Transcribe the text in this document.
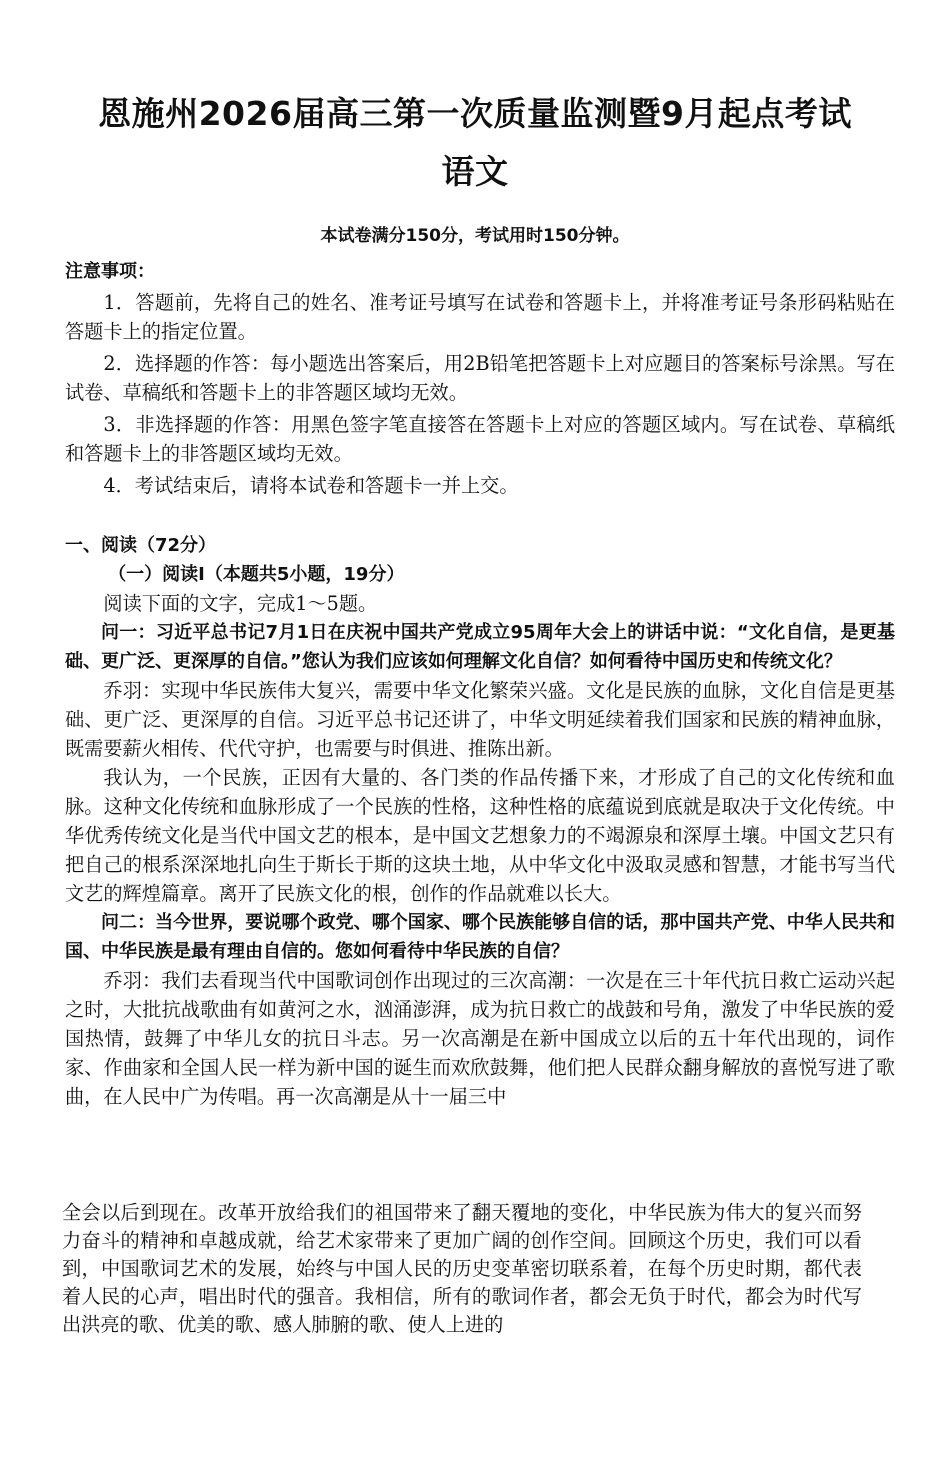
恩施州2026届高三第一次质量监测暨9月起点考试
语文
本试卷满分150分，考试用时150分钟。

注意事项：

1．答题前，先将自己的姓名、准考证号填写在试卷和答题卡上，并将准考证号条形码粘贴在答题卡上的指定位置。

2．选择题的作答：每小题选出答案后，用2B铅笔把答题卡上对应题目的答案标号涂黑。写在试卷、草稿纸和答题卡上的非答题区域均无效。

3．非选择题的作答：用黑色签字笔直接答在答题卡上对应的答题区域内。写在试卷、草稿纸和答题卡上的非答题区域均无效。

4．考试结束后，请将本试卷和答题卡一并上交。

一、阅读（72分）

（一）阅读I（本题共5小题，19分）

阅读下面的文字，完成1～5题。

问一：习近平总书记7月1日在庆祝中国共产党成立95周年大会上的讲话中说：“文化自信，是更基础、更广泛、更深厚的自信。”您认为我们应该如何理解文化自信？如何看待中国历史和传统文化？

乔羽：实现中华民族伟大复兴，需要中华文化繁荣兴盛。文化是民族的血脉，文化自信是更基础、更广泛、更深厚的自信。习近平总书记还讲了，中华文明延续着我们国家和民族的精神血脉，既需要薪火相传、代代守护，也需要与时俱进、推陈出新。

我认为，一个民族，正因有大量的、各门类的作品传播下来，才形成了自己的文化传统和血脉。这种文化传统和血脉形成了一个民族的性格，这种性格的底蕴说到底就是取决于文化传统。中华优秀传统文化是当代中国文艺的根本，是中国文艺想象力的不竭源泉和深厚土壤。中国文艺只有把自己的根系深深地扎向生于斯长于斯的这块土地，从中华文化中汲取灵感和智慧，才能书写当代文艺的辉煌篇章。离开了民族文化的根，创作的作品就难以长大。

问二：当今世界，要说哪个政党、哪个国家、哪个民族能够自信的话，那中国共产党、中华人民共和国、中华民族是最有理由自信的。您如何看待中华民族的自信？

乔羽：我们去看现当代中国歌词创作出现过的三次高潮：一次是在三十年代抗日救亡运动兴起之时，大批抗战歌曲有如黄河之水，汹涌澎湃，成为抗日救亡的战鼓和号角，激发了中华民族的爱国热情，鼓舞了中华儿女的抗日斗志。另一次高潮是在新中国成立以后的五十年代出现的，词作家、作曲家和全国人民一样为新中国的诞生而欢欣鼓舞，他们把人民群众翻身解放的喜悦写进了歌曲，在人民中广为传唱。再一次高潮是从十一届三中

全会以后到现在。改革开放给我们的祖国带来了翻天覆地的变化，中华民族为伟大的复兴而努力奋斗的精神和卓越成就，给艺术家带来了更加广阔的创作空间。回顾这个历史，我们可以看到，中国歌词艺术的发展，始终与中国人民的历史变革密切联系着，在每个历史时期，都代表着人民的心声，唱出时代的强音。我相信，所有的歌词作者，都会无负于时代，都会为时代写出洪亮的歌、优美的歌、感人肺腑的歌、使人上进的
